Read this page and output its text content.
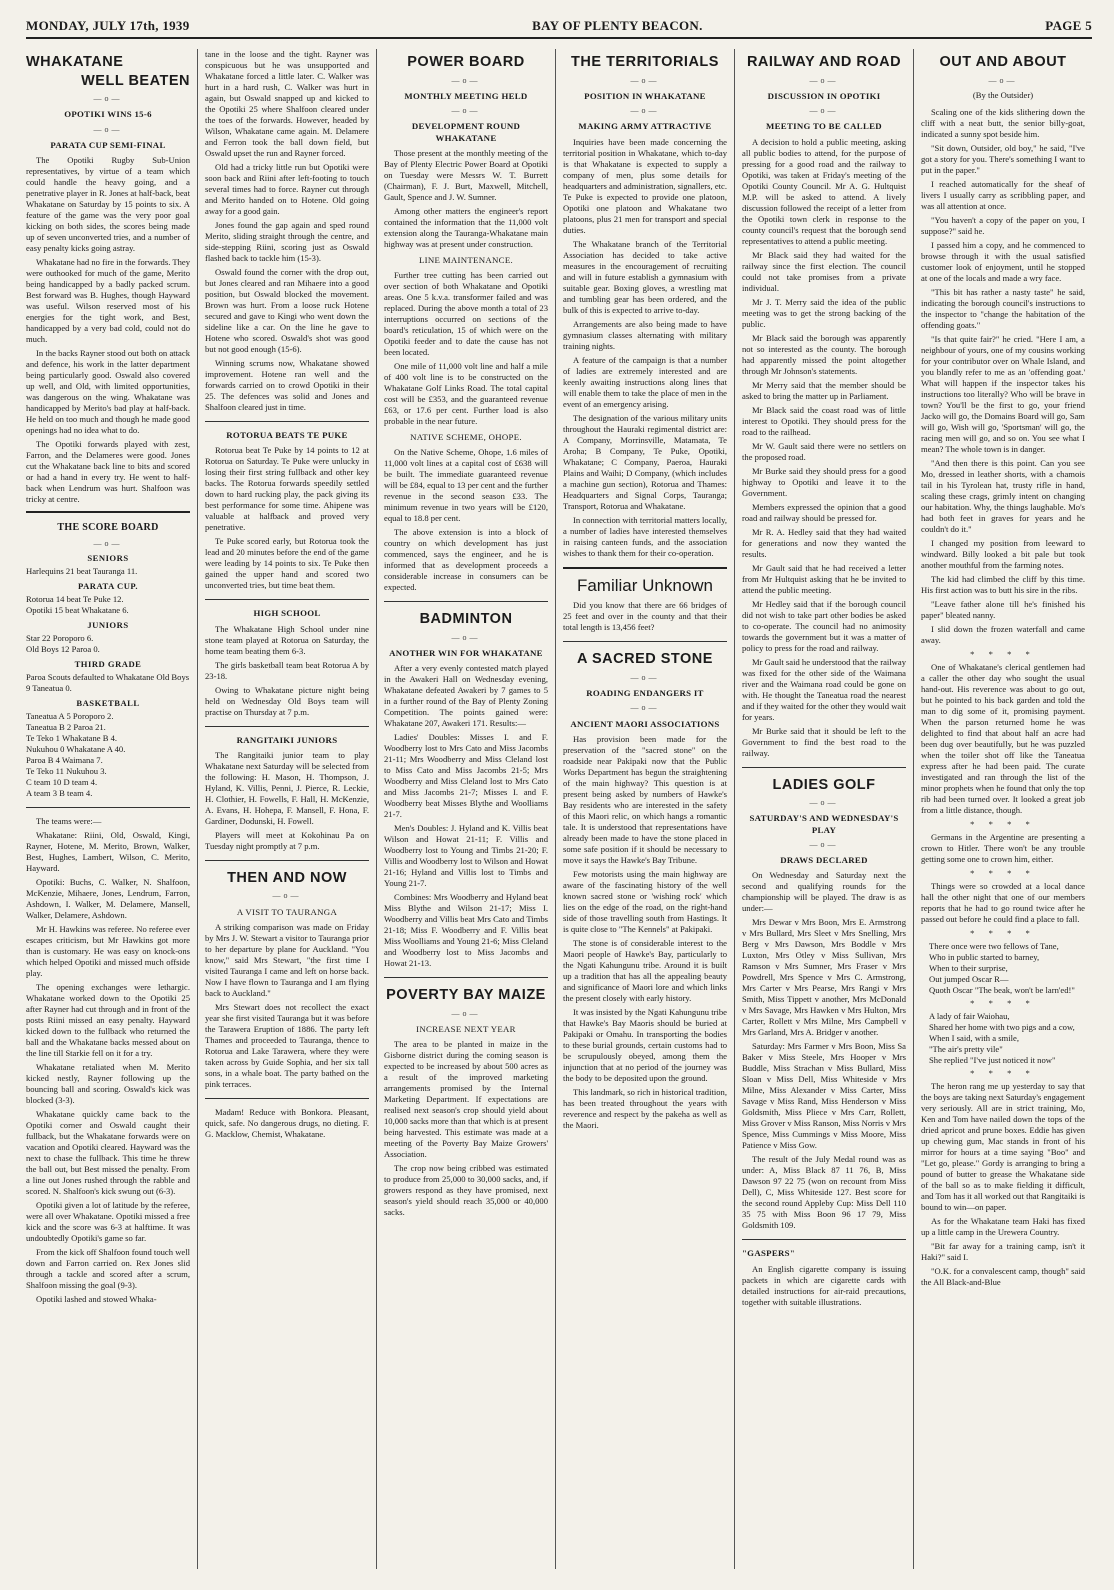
MONDAY, JULY 17th, 1939	BAY OF PLENTY BEACON.	PAGE 5
WHAKATANE
WELL BEATEN
—o—
OPOTIKI WINS 15-6
—o—
PARATA CUP SEMI-FINAL

The Opotiki Rugby Sub-Union representatives, by virtue of a team which could handle the heavy going, and a penetrative player in R. Jones at half-back, beat Whakatane on Saturday by 15 points to six. A feature of the game was the very poor goal kicking on both sides, the scores being made up of seven unconverted tries, and a number of easy penalty kicks going astray.

Whakatane had no fire in the forwards. They were outhooked for much of the game, Merito being handicapped by a badly packed scrum. Best forward was B. Hughes, though Hayward was useful. Wilson reserved most of his energies for the tight work, and Best, handicapped by a very bad cold, could not do much.

In the backs Rayner stood out both on attack and defence, his work in the latter department being particularly good. Oswald also covered up well, and Old, with limited opportunities, was dangerous on the wing. Whakatane was handicapped by Merito's bad play at half-back. He held on too much and though he made good openings had no idea what to do.

The Opotiki forwards played with zest, Farron, and the Delameres were good. Jones cut the Whakatane back line to bits and scored or had a hand in every try. He went to half-back when Lendrum was hurt. Shalfoon was tricky at centre.

THE SCORE BOARD
—o—
SENIORS

Harlequins 21 beat Tauranga 11.

PARATA CUP.

Rotorua 14 beat Te Puke 12.

Opotiki 15 beat Whakatane 6.

JUNIORS

Star 22 Poroporo 6.

Old Boys 12 Paroa 0.

THIRD GRADE

Paroa Scouts defaulted to Whakatane Old Boys 9 Taneatua 0.

BASKETBALL

Taneatua A 5 Poroporo 2.

Taneatua B 2 Paroa 21.

Te Teko 1 Whakatane B 4.

Nukuhou 0 Whakatane A 40.

Paroa B 4 Waimana 7.

Te Teko 11 Nukuhou 3.

C team 10 D team 4.

A team 3 B team 4.

The teams were:—

Whakatane: Riini, Old, Oswald, Kingi, Rayner, Hotene, M. Merito, Brown, Walker, Best, Hughes, Lambert, Wilson, C. Merito, Hayward.

Opotiki: Buchs, C. Walker, N. Shalfoon, McKenzie, Mihaere, Jones, Lendrum, Farron, Ashdown, I. Walker, M. Delamere, Mansell, Walker, Delamere, Ashdown.

Mr H. Hawkins was referee. No referee ever escapes criticism, but Mr Hawkins got more than is customary. He was easy on knock-ons which helped Opotiki and missed much offside play.

The opening exchanges were lethargic. Whakatane worked down to the Opotiki 25 after Rayner had cut through and in front of the posts Riini missed an easy penalty. Hayward kicked down to the fullback who returned the ball and the Whakatane backs messed about on the line till Starkie fell on it for a try.

Whakatane retaliated when M. Merito kicked nestly, Rayner following up the bouncing ball and scoring. Oswald's kick was blocked (3-3).

Whakatane quickly came back to the Opotiki corner and Oswald caught their fullback, but the Whakatane forwards were on vacation and Opotiki cleared. Hayward was the next to chase the fullback. This time he threw the ball out, but Best missed the penalty. From a line out Jones rushed through the rabble and scored. N. Shalfoon's kick swung out (6-3).

Opotiki given a lot of latitude by the referee, were all over Whakatane. Opotiki missed a free kick and the score was 6-3 at halftime. It was undoubtedly Opotiki's game so far.

From the kick off Shalfoon found touch well down and Farron carried on. Rex Jones slid through a tackle and scored after a scrum, Shalfoon missing the goal (9-3).

Opotiki lashed and stowed Whaka-

tane in the loose and the tight. Rayner was conspicuous but he was unsupported and Whakatane forced a little later. C. Walker was hurt in a hard rush, C. Walker was hurt in again, but Oswald snapped up and kicked to the Opotiki 25 where Shalfoon cleared under the toes of the forwards. However, headed by Wilson, Whakatane came again. M. Delamere and Ferron took the ball down field, but Oswald upset the run and Rayner forced.

Old had a tricky little run but Opotiki were soon back and Riini after left-footing to touch several times had to force. Rayner cut through and Merito handed on to Hotene. Old going away for a good gain.

Jones found the gap again and sped round Merito, sliding straight through the centre, and side-stepping Riini, scoring just as Oswald flashed back to tackle him (15-3).

Oswald found the corner with the drop out, but Jones cleared and ran Mihaere into a good position, but Oswald blocked the movement. Brown was hurt. From a loose ruck Hotene secured and gave to Kingi who went down the sideline like a car. On the line he gave to Hotene who scored. Oswald's shot was good but not good enough (15-6).

Winning scrums now, Whakatane showed improvement. Hotene ran well and the forwards carried on to crowd Opotiki in their 25. The defences was solid and Jones and Shalfoon cleared just in time.

ROTORUA BEATS TE PUKE

Rotorua beat Te Puke by 14 points to 12 at Rotorua on Saturday. Te Puke were unlucky in losing their first string fullback and other key backs. The Rotorua forwards speedily settled down to hard rucking play, the pack giving its best performance for some time. Ahipene was valuable at halfback and proved very penetrative.

Te Puke scored early, but Rotorua took the lead and 20 minutes before the end of the game were leading by 14 points to six. Te Puke then gained the upper hand and scored two unconverted tries, but time beat them.

HIGH SCHOOL

The Whakatane High School under nine stone team played at Rotorua on Saturday, the home team beating them 6-3.

The girls basketball team beat Rotorua A by 23-18.

Owing to Whakatane picture night being held on Wednesday Old Boys team will practise on Thursday at 7 p.m.

RANGITAIKI JUNIORS

The Rangitaiki junior team to play Whakatane next Saturday will be selected from the following: H. Mason, H. Thompson, J. Hyland, K. Villis, Penni, J. Pierce, R. Leckie, H. Clothier, H. Fowells, F. Hall, H. McKenzie, A. Evans, H. Hohepa, F. Mansell, F. Hona, F. Gardiner, Dodunski, H. Fowell.

Players will meet at Kokohinau Pa on Tuesday night promptly at 7 p.m.

THEN AND NOW
—o—
A VISIT TO TAURANGA

A striking comparison was made on Friday by Mrs J. W. Stewart a visitor to Tauranga prior to her departure by plane for Auckland. "You know," said Mrs Stewart, "the first time I visited Tauranga I came and left on horse back. Now I have flown to Tauranga and I am flying back to Auckland."

Mrs Stewart does not recollect the exact year she first visited Tauranga but it was before the Tarawera Eruption of 1886. The party left Thames and proceeded to Tauranga, thence to Rotorua and Lake Tarawera, where they were taken across by Guide Sophia, and her six tall sons, in a whale boat. The party bathed on the pink terraces.

Madam! Reduce with Bonkora. Pleasant, quick, safe. No dangerous drugs, no dieting. F. G. Macklow, Chemist, Whakatane.

POWER BOARD
—o—
MONTHLY MEETING HELD
—o—
DEVELOPMENT ROUND WHAKATANE

Those present at the monthly meeting of the Bay of Plenty Electric Power Board at Opotiki on Tuesday were Messrs W. T. Burrett (Chairman), F. J. Burt, Maxwell, Mitchell, Gault, Spence and J. W. Sumner.

Among other matters the engineer's report contained the information that the 11,000 volt extension along the Tauranga-Whakatane main highway was at present under construction.

LINE MAINTENANCE.

Further tree cutting has been carried out over section of both Whakatane and Opotiki areas. One 5 k.v.a. transformer failed and was replaced. During the above month a total of 23 interruptions occurred on sections of the board's reticulation, 15 of which were on the Opotiki feeder and to date the cause has not been located.

One mile of 11,000 volt line and half a mile of 400 volt line is to be constructed on the Whakatane Golf Links Road. The total capital cost will be £353, and the guaranteed revenue £63, or 17.6 per cent. Further load is also probable in the near future.

NATIVE SCHEME, OHOPE.

On the Native Scheme, Ohope, 1.6 miles of 11,000 volt lines at a capital cost of £638 will be built. The immediate guaranteed revenue will be £84, equal to 13 per cent and the further revenue in the second season £33. The minimum revenue in two years will be £120, equal to 18.8 per cent.

The above extension is into a block of country on which development has just commenced, says the engineer, and he is informed that as development proceeds a considerable increase in consumers can be expected.

BADMINTON
—o—
ANOTHER WIN FOR WHAKATANE

After a very evenly contested match played in the Awakeri Hall on Wednesday evening, Whakatane defeated Awakeri by 7 games to 5 in a further round of the Bay of Plenty Zoning Competition. The points gained were: Whakatane 207, Awakeri 171. Results:—

Ladies' Doubles: Misses I. and F. Woodberry lost to Mrs Cato and Miss Jacombs 21-11; Mrs Woodberry and Miss Cleland lost to Miss Cato and Miss Jacombs 21-5; Mrs Woodberry and Miss Cleland lost to Mrs Cato and Miss Jacombs 21-7; Misses I. and F. Woodberry beat Misses Blythe and Woolliams 21-7.

Men's Doubles: J. Hyland and K. Villis beat Wilson and Howat 21-11; F. Villis and Woodberry lost to Young and Timbs 21-20; F. Villis and Woodberry lost to Wilson and Howat 21-16; Hyland and Villis lost to Timbs and Young 21-7.

Combines: Mrs Woodberry and Hyland beat Miss Blythe and Wilson 21-17; Miss I. Woodberry and Villis beat Mrs Cato and Timbs 21-18; Miss F. Woodberry and F. Villis beat Miss Woolliams and Young 21-6; Miss Cleland and Woodberry lost to Miss Jacombs and Howat 21-13.

POVERTY BAY MAIZE
—o—
INCREASE NEXT YEAR

The area to be planted in maize in the Gisborne district during the coming season is expected to be increased by about 500 acres as a result of the improved marketing arrangements promised by the Internal Marketing Department. If expectations are realised next season's crop should yield about 10,000 sacks more than that which is at present being harvested. This estimate was made at a meeting of the Poverty Bay Maize Growers' Association.

The crop now being cribbed was estimated to produce from 25,000 to 30,000 sacks, and, if growers respond as they have promised, next season's yield should reach 35,000 or 40,000 sacks.

THE TERRITORIALS
—o—
POSITION IN WHAKATANE
—o—
MAKING ARMY ATTRACTIVE

Inquiries have been made concerning the territorial position in Whakatane, which to-day is that Whakatane is expected to supply a company of men, plus some details for headquarters and administration, signallers, etc. Te Puke is expected to provide one platoon, Opotiki one platoon and Whakatane two platoons, plus 21 men for transport and special duties.

The Whakatane branch of the Territorial Association has decided to take active measures in the encouragement of recruiting and will in future establish a gymnasium with suitable gear. Boxing gloves, a wrestling mat and tumbling gear has been ordered, and the bulk of this is expected to arrive to-day.

Arrangements are also being made to have gymnasium classes alternating with military training nights.

A feature of the campaign is that a number of ladies are extremely interested and are keenly awaiting instructions along lines that will enable them to take the place of men in the event of an emergency arising.

The designation of the various military units throughout the Hauraki regimental district are: A Company, Morrinsville, Matamata, Te Aroha; B Company, Te Puke, Opotiki, Whakatane; C Company, Paeroa, Hauraki Plains and Waihi; D Company, (which includes a machine gun section), Rotorua and Thames: Headquarters and Signal Corps, Tauranga; Transport, Rotorua and Whakatane.

In connection with territorial matters locally, a number of ladies have interested themselves in raising canteen funds, and the association wishes to thank them for their co-operation.

Familiar Unknown

Did you know that there are 66 bridges of 25 feet and over in the county and that their total length is 13,456 feet?

A SACRED STONE
—o—
ROADING ENDANGERS IT
—o—
ANCIENT MAORI ASSOCIATIONS

Has provision been made for the preservation of the "sacred stone" on the roadside near Pakipaki now that the Public Works Department has begun the straightening of the main highway? This question is at present being asked by numbers of Hawke's Bay residents who are interested in the safety of this Maori relic, on which hangs a romantic tale. It is understood that representations have already been made to have the stone placed in some safe position if it should be necessary to move it says the Hawke's Bay Tribune.

Few motorists using the main highway are aware of the fascinating history of the well known sacred stone or 'wishing rock' which lies on the edge of the road, on the right-hand side of those travelling south from Hastings. It is quite close to "The Kennels" at Pakipaki.

The stone is of considerable interest to the Maori people of Hawke's Bay, particularly to the Ngati Kahungunu tribe. Around it is built up a tradition that has all the appealing beauty and significance of Maori lore and which links the present closely with early history.

It was insisted by the Ngati Kahungunu tribe that Hawke's Bay Maoris should be buried at Pakipaki or Omahu. In transporting the bodies to these burial grounds, certain customs had to be scrupulously obeyed, among them the injunction that at no period of the journey was the body to be deposited upon the ground.

This landmark, so rich in historical tradition, has been treated throughout the years with reverence and respect by the pakeha as well as the Maori.

RAILWAY AND ROAD
—o—
DISCUSSION IN OPOTIKI
—o—
MEETING TO BE CALLED

A decision to hold a public meeting, asking all public bodies to attend, for the purpose of pressing for a good road and the railway to Opotiki, was taken at Friday's meeting of the Opotiki County Council. Mr A. G. Hultquist M.P. will be asked to attend. A lively discussion followed the receipt of a letter from the Opotiki town clerk in response to the county council's request that the borough send representatives to attend a public meeting.

Mr Black said they had waited for the railway since the first election. The council could not take promises from a private individual.

Mr J. T. Merry said the idea of the public meeting was to get the strong backing of the public.

Mr Black said the borough was apparently not so interested as the county. The borough had apparently missed the point altogether through Mr Johnson's statements.

Mr Merry said that the member should be asked to bring the matter up in Parliament.

Mr Black said the coast road was of little interest to Opotiki. They should press for the road to the railhead.

Mr W. Gault said there were no settlers on the proposed road.

Mr Burke said they should press for a good highway to Opotiki and leave it to the Government.

Members expressed the opinion that a good road and railway should be pressed for.

Mr R. A. Hedley said that they had waited for generations and now they wanted the results.

Mr Gault said that he had received a letter from Mr Hultquist asking that he be invited to attend the public meeting.

Mr Hedley said that if the borough council did not wish to take part other bodies be asked to co-operate. The council had no animosity towards the government but it was a matter of policy to press for the road and railway.

Mr Gault said he understood that the railway was fixed for the other side of the Waimana river and the Waimana road could be gone on with. He thought the Taneatua road the nearest and if they waited for the other they would wait for years.

Mr Burke said that it should be left to the Government to find the best road to the railway.

LADIES GOLF
—o—
SATURDAY'S AND WEDNESDAY'S PLAY
—o—
DRAWS DECLARED

On Wednesday and Saturday next the second and qualifying rounds for the championship will be played. The draw is as under:—

Mrs Dewar v Mrs Boon, Mrs E. Armstrong v Mrs Bullard, Mrs Sleet v Mrs Snelling, Mrs Berg v Mrs Dawson, Mrs Boddle v Mrs Luxton, Mrs Otley v Miss Sullivan, Mrs Ramson v Mrs Sumner, Mrs Fraser v Mrs Powdrell, Mrs Spence v Mrs C. Armstrong, Mrs Carter v Mrs Pearse, Mrs Rangi v Mrs Smith, Miss Tippett v another, Mrs McDonald v Mrs Savage, Mrs Hawken v Mrs Hulton, Mrs Carter, Rollett v Mrs Milne, Mrs Campbell v Mrs Garland, Mrs A. Bridger v another.

Saturday: Mrs Farmer v Mrs Boon, Miss Sa Baker v Miss Steele, Mrs Hooper v Mrs Buddle, Miss Strachan v Miss Bullard, Miss Sloan v Miss Dell, Miss Whiteside v Mrs Milne, Miss Alexander v Miss Carter, Miss Savage v Miss Rand, Miss Henderson v Miss Goldsmith, Miss Pliece v Mrs Carr, Rollett, Miss Grover v Miss Ranson, Miss Norris v Mrs Spence, Miss Cummings v Miss Moore, Miss Patience v Miss Gow.

The result of the July Medal round was as under: A, Miss Black 87 11 76, B, Miss Dawson 97 22 75 (won on recount from Miss Dell), C, Miss Whiteside 127. Best score for the second round Appleby Cup: Miss Dell 110 35 75 with Miss Boon 96 17 79, Miss Goldsmith 109.

"GASPERS"

An English cigarette company is issuing packets in which are cigarette cards with detailed instructions for air-raid precautions, together with suitable illustrations.

OUT AND ABOUT
—o—
(By the Outsider)

Scaling one of the kids slithering down the cliff with a neat butt, the senior billy-goat, indicated a sunny spot beside him.

"Sit down, Outsider, old boy," he said, "I've got a story for you. There's something I want to put in the paper."

I reached automatically for the sheaf of livers I usually carry as scribbling paper, and was all attention at once.

"You haven't a copy of the paper on you, I suppose?" said he.

I passed him a copy, and he commenced to browse through it with the usual satisfied customer look of enjoyment, until he stopped at one of the locals and made a wry face.

"This bit has rather a nasty taste" he said, indicating the borough council's instructions to the inspector to "change the habitation of the offending goats."

"Is that quite fair?" he cried. "Here I am, a neighbour of yours, one of my cousins working for your contributor over on Whale Island, and you blandly refer to me as an 'offending goat.' What will happen if the inspector takes his instructions too literally? Who will be brave in town? You'll be the first to go, your friend Jacko will go, the Domains Board will go, Sam will go, Wish will go, 'Sportsman' will go, the racing men will go, and so on. You see what I mean? The whole town is in danger.

"And then there is this point. Can you see Mo, dressed in leather shorts, with a chamois tail in his Tyrolean hat, trusty rifle in hand, scaling these crags, grimly intent on changing our habitation. Why, the things laughable. Mo's had both feet in graves for years and he couldn't do it."

I changed my position from leeward to windward. Billy looked a bit pale but took another mouthful from the farming notes.

The kid had climbed the cliff by this time. His first action was to butt his sire in the ribs.

"Leave father alone till he's finished his paper" bleated nanny.

I slid down the frozen waterfall and came away.

* * * *

One of Whakatane's clerical gentlemen had a caller the other day who sought the usual hand-out. His reverence was about to go out, but he pointed to his back garden and told the man to dig some of it, promising payment. When the parson returned home he was delighted to find that about half an acre had been dug over beautifully, but he was puzzled when the toiler shot off like the Taneatua express after he had been paid. The curate investigated and ran through the list of the minor prophets when he found that only the top rib had been turned over. It looked a great job from a little distance, though.

* * * *

Germans in the Argentine are presenting a crown to Hitler. There won't be any trouble getting some one to crown him, either.

* * * *

Things were so crowded at a local dance hall the other night that one of our members reports that he had to go round twice after he passed out before he could find a place to fall.

* * * *

There once were two fellows of Tane,

Who in public started to barney,

When to their surprise,

Out jumped Oscar R—

Quoth Oscar "The beak, won't be larn'ed!"

* * * *

A lady of fair Waiohau,

Shared her home with two pigs and a cow,

When I said, with a smile,

"The air's pretty vile"

She replied "I've just noticed it now"

* * * *

The heron rang me up yesterday to say that the boys are taking next Saturday's engagement very seriously. All are in strict training, Mo, Ken and Tom have nailed down the tops of the dried apricot and prune boxes. Eddie has given up chewing gum, Mac stands in front of his mirror for hours at a time saying "Boo" and "Let go, please." Gordy is arranging to bring a pound of butter to grease the Whakatane side of the ball so as to make fielding it difficult, and Tom has it all worked out that Rangitaiki is bound to win—on paper.

As for the Whakatane team Haki has fixed up a little camp in the Urewera Country.

"Bit far away for a training camp, isn't it Haki?" said I.

"O.K. for a convalescent camp, though" said the All Black-and-Blue
